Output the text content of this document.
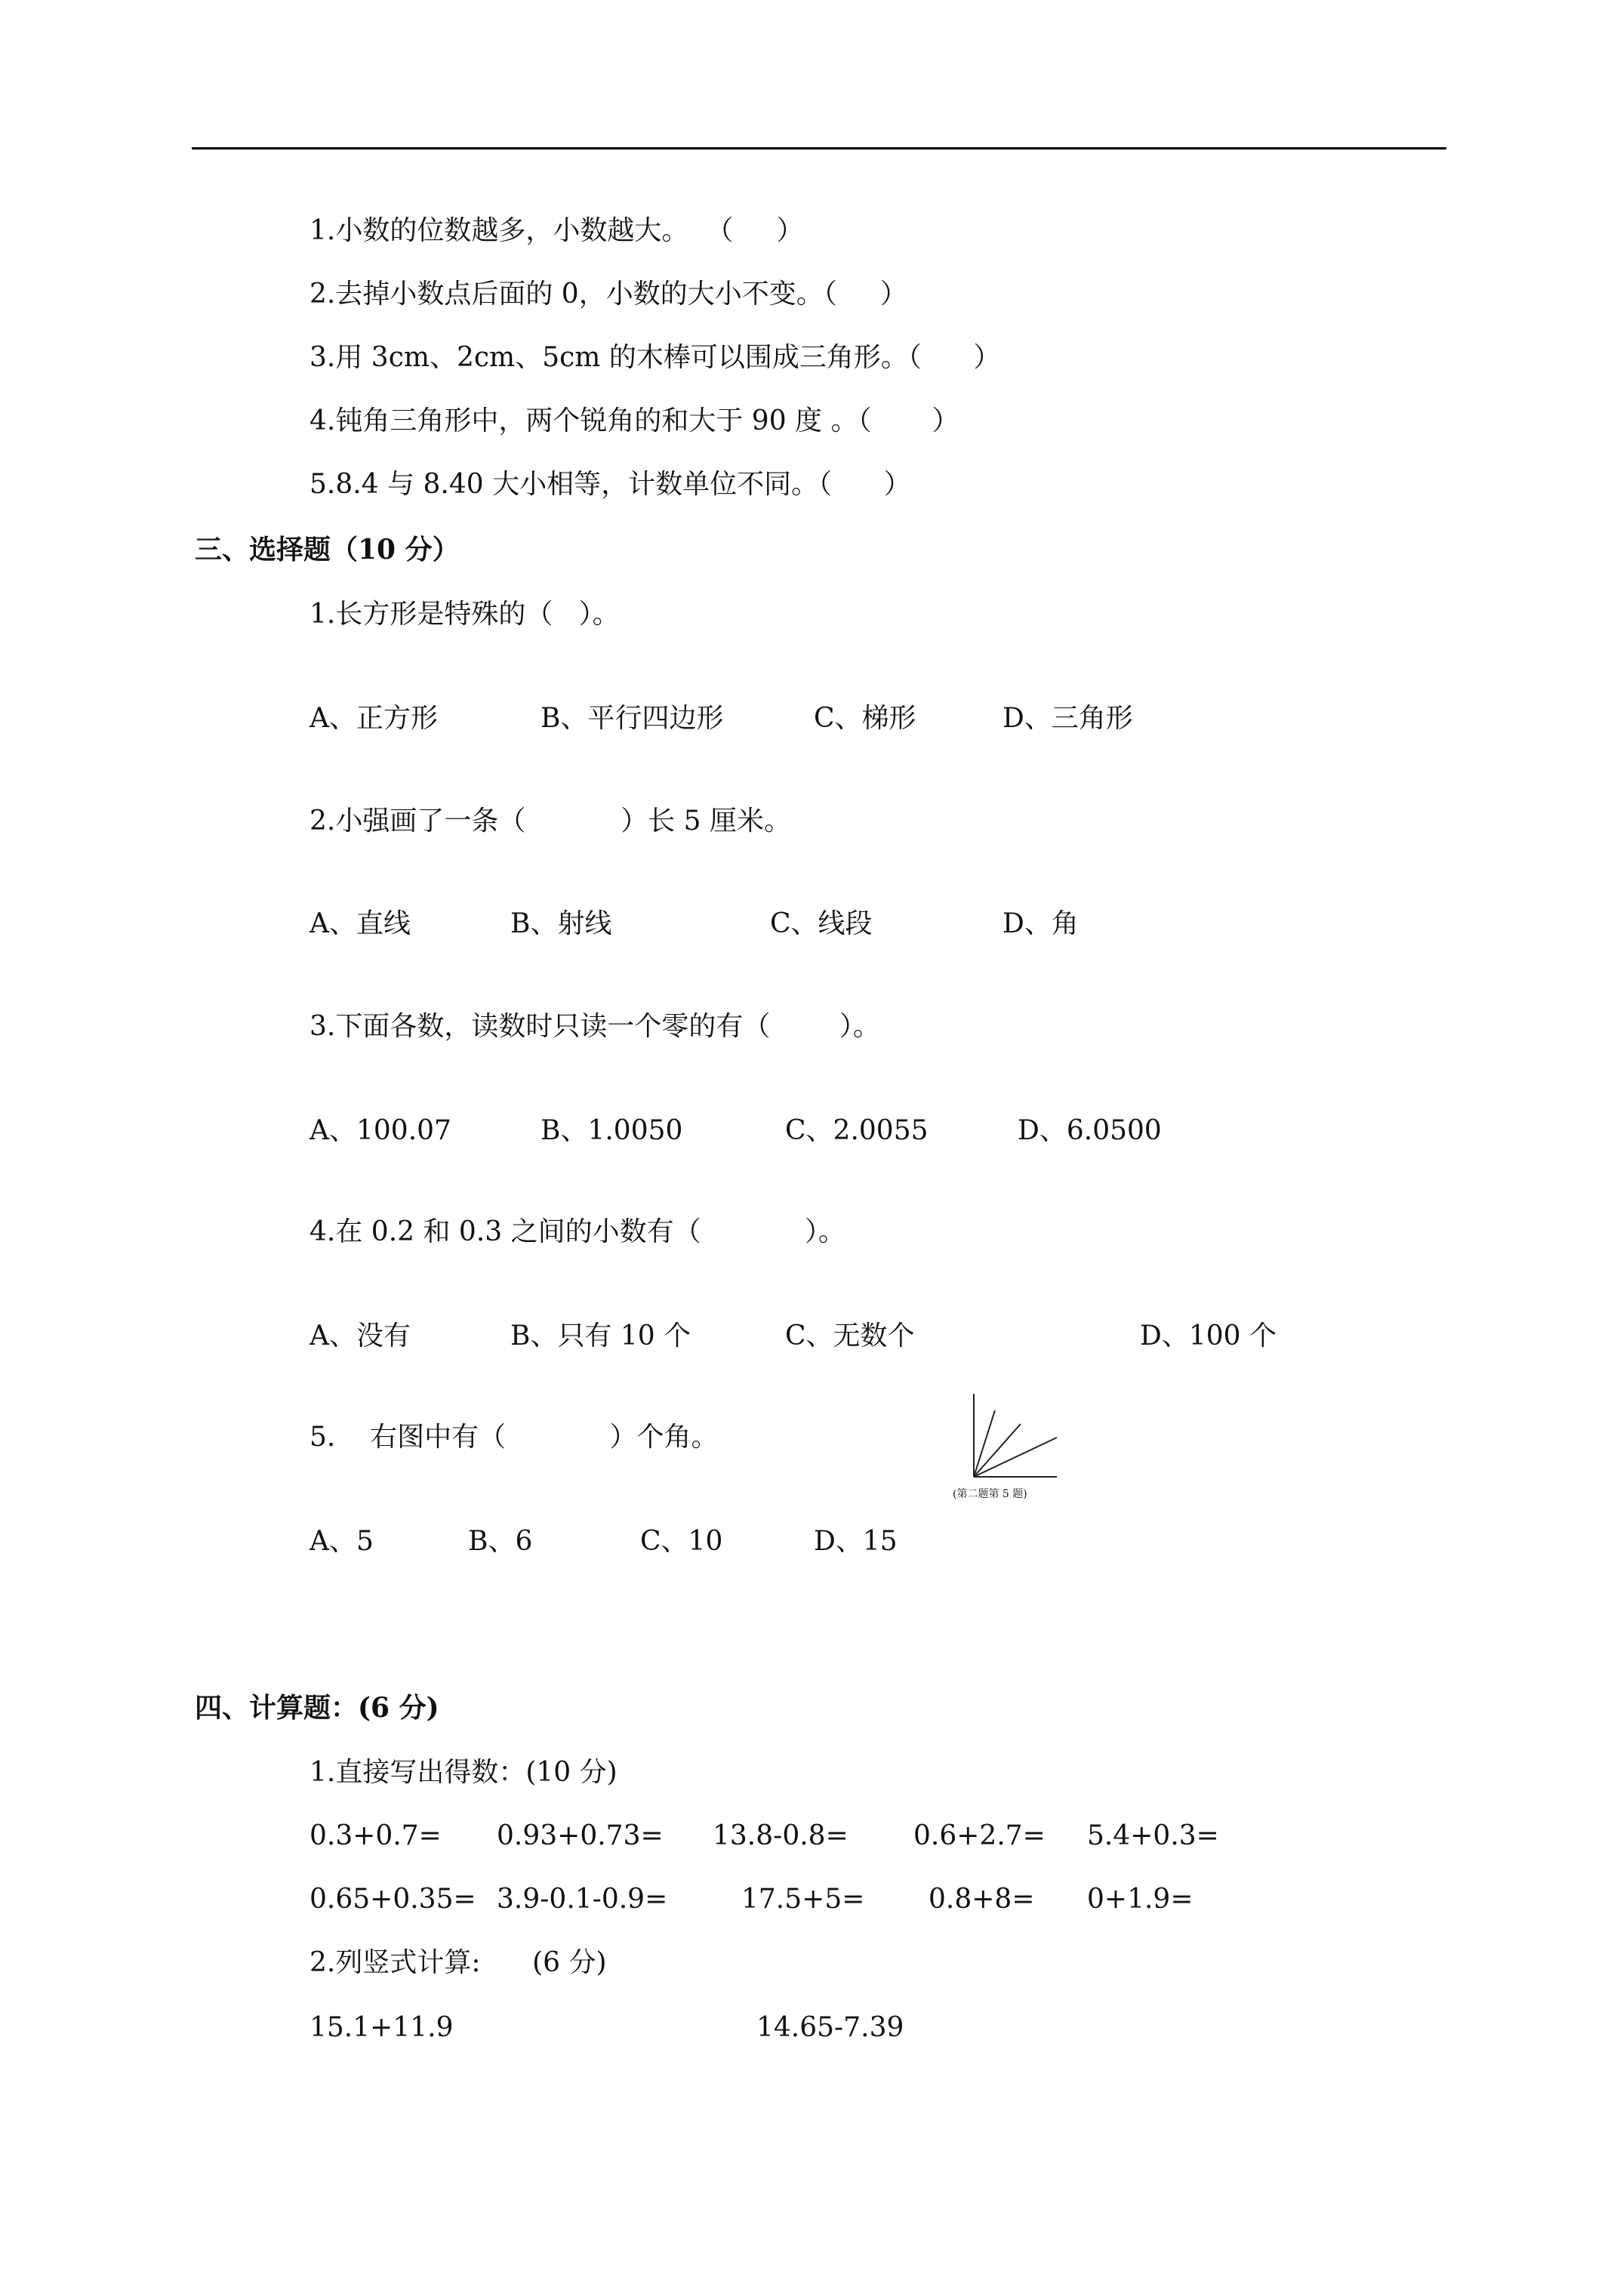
1.小数的位数越多，小数越大。  （     ）
2.去掉小数点后面的 0，小数的大小不变。（     ）
3.用 3cm、2cm、5cm 的木棒可以围成三角形。（      ）
4.钝角三角形中，两个锐角的和大于 90 度 。（       ）
5.8.4 与 8.40 大小相等，计数单位不同。（      ）
三、选择题（10 分）
1.长方形是特殊的（   ）。
A、正方形	B、平行四边形	C、梯形	D、三角形
2.小强画了一条（           ）长 5 厘米。
A、直线	B、射线	C、线段	D、角
3.下面各数，读数时只读一个零的有（        ）。
A、100.07	B、1.0050	C、2.0055	D、6.0500
4.在 0.2 和 0.3 之间的小数有（            ）。
A、没有	B、只有 10 个	C、无数个	D、100 个
5.    右图中有（            ）个角。
(第二题第 5 题)
A、5	B、6	C、10	D、15
四、计算题：(6 分)
1.直接写出得数：(10 分)
0.3+0.7= 0.93+0.73= 13.8-0.8= 0.6+2.7= 5.4+0.3=
0.65+0.35= 3.9-0.1-0.9=	17.5+5= 0.8+8= 0+1.9=
2.列竖式计算:      (6 分)
15.1+11.9	14.65-7.39
